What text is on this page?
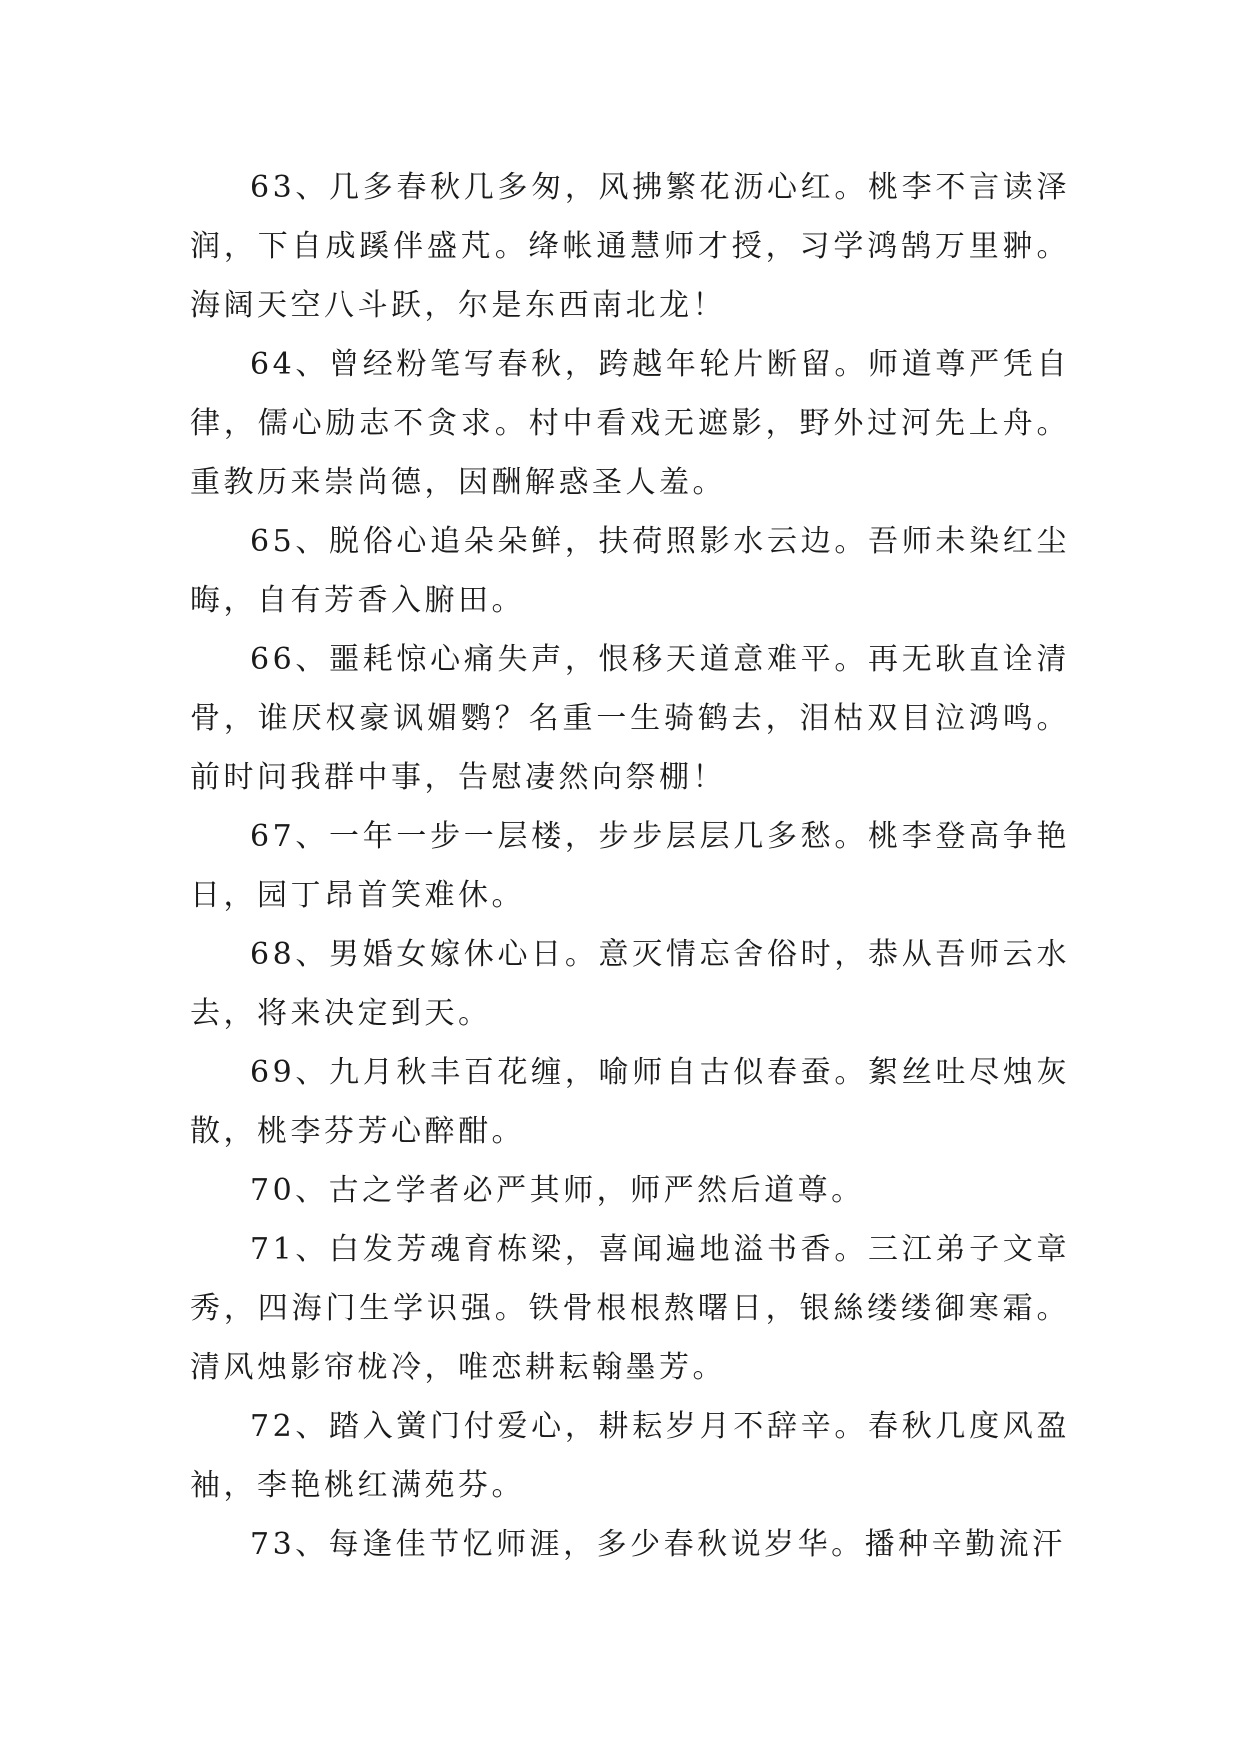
63、几多春秋几多匆，风拂繁花沥心红。桃李不言读泽润，下自成蹊伴盛芃。绛帐通慧师才授，习学鸿鹄万里翀。海阔天空八斗跃，尔是东西南北龙！

64、曾经粉笔写春秋，跨越年轮片断留。师道尊严凭自律，儒心励志不贪求。村中看戏无遮影，野外过河先上舟。重教历来崇尚德，因酬解惑圣人羞。

65、脱俗心追朵朵鲜，扶荷照影水云边。吾师未染红尘晦，自有芳香入腑田。

66、噩耗惊心痛失声，恨移天道意难平。再无耿直诠清骨，谁厌权豪讽媚鹦？名重一生骑鹤去，泪枯双目泣鸿鸣。前时问我群中事，告慰凄然向祭棚！

67、一年一步一层楼，步步层层几多愁。桃李登高争艳日，园丁昂首笑难休。

68、男婚女嫁休心日。意灭情忘舍俗时，恭从吾师云水去，将来决定到天。

69、九月秋丰百花缠，喻师自古似春蚕。絮丝吐尽烛灰散，桃李芬芳心醉酣。

70、古之学者必严其师，师严然后道尊。

71、白发芳魂育栋梁，喜闻遍地溢书香。三江弟子文章秀，四海门生学识强。铁骨根根熬曙日，银絲缕缕御寒霜。清风烛影帘栊冷，唯恋耕耘翰墨芳。

72、踏入黉门付爱心，耕耘岁月不辞辛。春秋几度风盈袖，李艳桃红满苑芬。

73、每逢佳节忆师涯，多少春秋说岁华。播种辛勤流汗
